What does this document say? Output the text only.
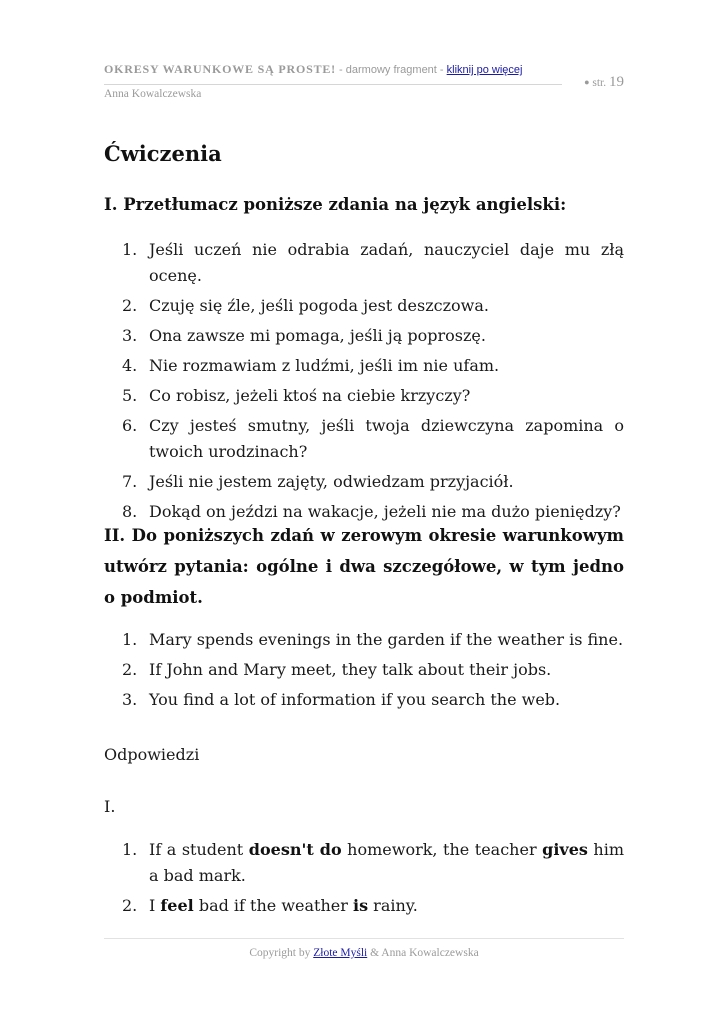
OKRESY WARUNKOWE SĄ PROSTE! - darmowy fragment - kliknij po więcej
Anna Kowalczewska
● str. 19
Ćwiczenia
I. Przetłumacz poniższe zdania na język angielski:
1. Jeśli uczeń nie odrabia zadań, nauczyciel daje mu złą ocenę.
2. Czuję się źle, jeśli pogoda jest deszczowa.
3. Ona zawsze mi pomaga, jeśli ją poproszę.
4. Nie rozmawiam z ludźmi, jeśli im nie ufam.
5. Co robisz, jeżeli ktoś na ciebie krzyczy?
6. Czy jesteś smutny, jeśli twoja dziewczyna zapomina o twoich urodzinach?
7. Jeśli nie jestem zajęty, odwiedzam przyjaciół.
8. Dokąd on jeździ na wakacje, jeżeli nie ma dużo pieniędzy?
II. Do poniższych zdań w zerowym okresie warunkowym utwórz pytania: ogólne i dwa szczegółowe, w tym jedno o podmiot.
1. Mary spends evenings in the garden if the weather is fine.
2. If John and Mary meet, they talk about their jobs.
3. You find a lot of information if you search the web.
Odpowiedzi
I.
1. If a student doesn't do homework, the teacher gives him a bad mark.
2. I feel bad if the weather is rainy.
Copyright by Złote Myśli & Anna Kowalczewska
